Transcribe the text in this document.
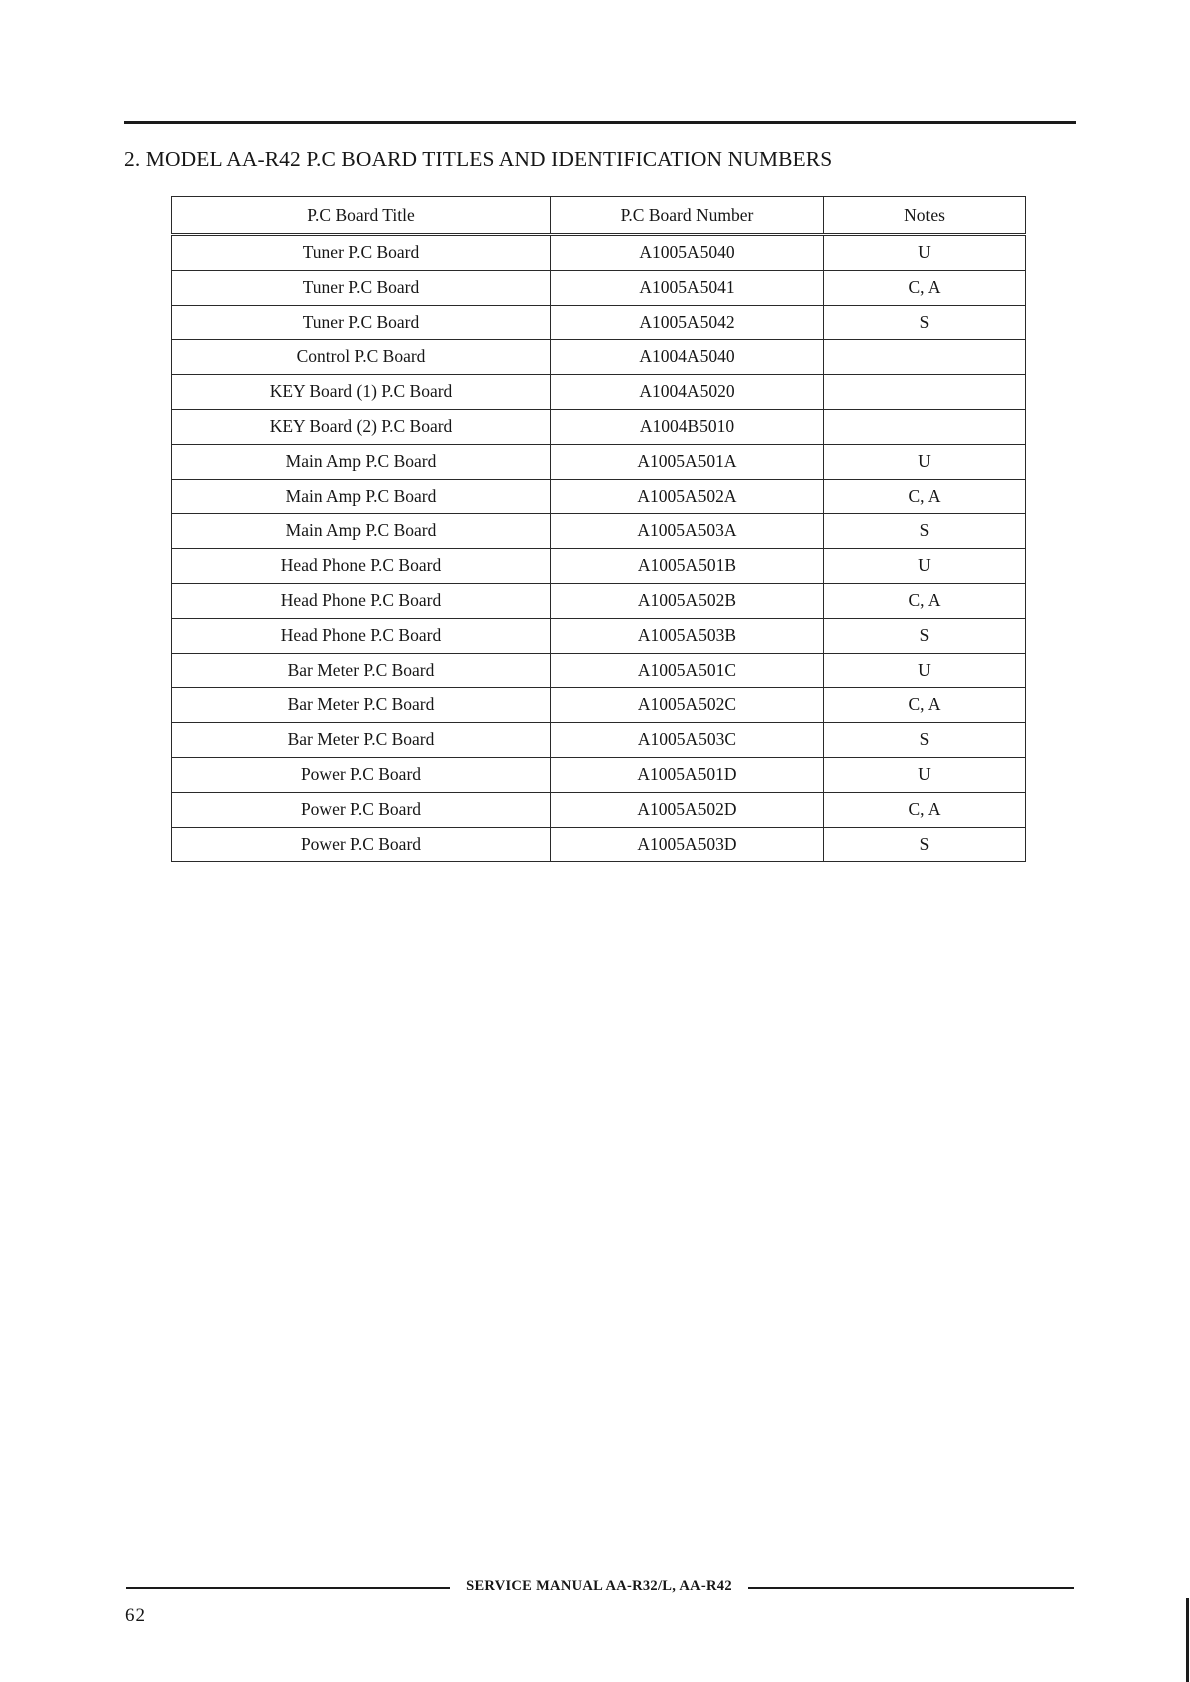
2. MODEL AA-R42 P.C BOARD TITLES AND IDENTIFICATION NUMBERS
P.C Board Title	P.C Board Number	Notes
Tuner P.C Board	A1005A5040	U
Tuner P.C Board	A1005A5041	C, A
Tuner P.C Board	A1005A5042	S
Control P.C Board	A1004A5040	
KEY Board (1) P.C Board	A1004A5020	
KEY Board (2) P.C Board	A1004B5010	
Main Amp P.C Board	A1005A501A	U
Main Amp P.C Board	A1005A502A	C, A
Main Amp P.C Board	A1005A503A	S
Head Phone P.C Board	A1005A501B	U
Head Phone P.C Board	A1005A502B	C, A
Head Phone P.C Board	A1005A503B	S
Bar Meter P.C Board	A1005A501C	U
Bar Meter P.C Board	A1005A502C	C, A
Bar Meter P.C Board	A1005A503C	S
Power P.C Board	A1005A501D	U
Power P.C Board	A1005A502D	C, A
Power P.C Board	A1005A503D	S
SERVICE MANUAL AA-R32/L, AA-R42
62
